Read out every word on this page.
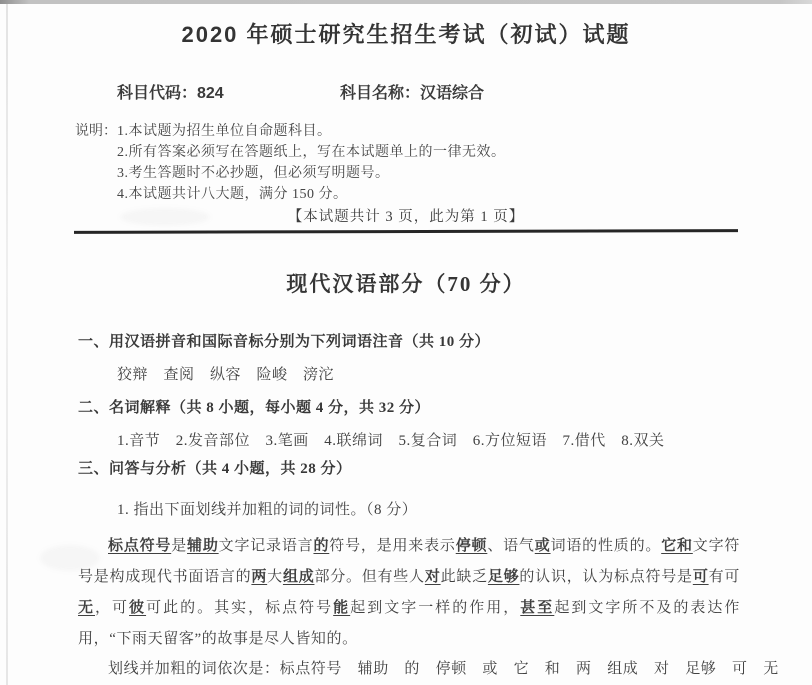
2020 年硕士研究生招生考试（初试）试题
科目代码：824	科目名称：汉语综合
说明： 1.本试题为招生单位自命题科目。
2.所有答案必须写在答题纸上，写在本试题单上的一律无效。
3.考生答题时不必抄题，但必须写明题号。
4.本试题共计八大题，满分 150 分。
【本试题共计 3 页，此为第 1 页】
现代汉语部分（70 分）
一、用汉语拼音和国际音标分别为下列词语注音（共 10 分）
狡辩　查阅　纵容　险峻　滂沱
二、名词解释（共 8 小题，每小题 4 分，共 32 分）
1.音节　2.发音部位　3.笔画　4.联绵词　5.复合词　6.方位短语　7.借代　8.双关
三、问答与分析（共 4 小题，共 28 分）
1. 指出下面划线并加粗的词的词性。（8 分）
标点符号是辅助文字记录语言的符号，是用来表示停顿、语气或词语的性质的。它和文字符号是构成现代书面语言的两大组成部分。但有些人对此缺乏足够的认识，认为标点符号是可有可无，可彼可此的。其实，标点符号能起到文字一样的作用，甚至起到文字所不及的表达作用，“下雨天留客”的故事是尽人皆知的。
划线并加粗的词依次是：标点符号　辅助　的　停顿　或　它　和　两　组成　对　足够　可　无
